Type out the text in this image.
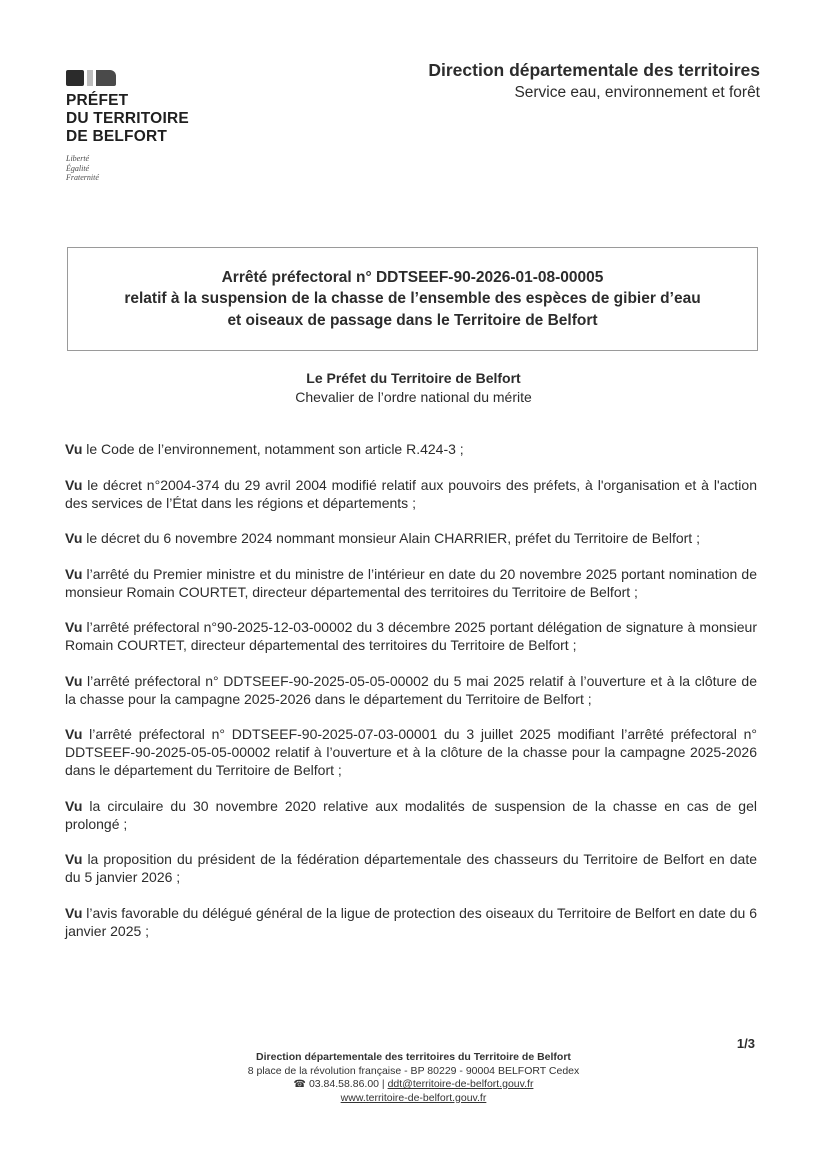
PRÉFET
DU TERRITOIRE
DE BELFORT
Liberté
Égalité
Fraternité
Direction départementale des territoires
Service eau, environnement et forêt
Arrêté préfectoral n° DDTSEEF-90-2026-01-08-00005
relatif à la suspension de la chasse de l’ensemble des espèces de gibier d’eau
et oiseaux de passage dans le Territoire de Belfort
Le Préfet du Territoire de Belfort
Chevalier de l’ordre national du mérite

Vu le Code de l’environnement, notamment son article R.424-3 ;

Vu le décret n°2004-374 du 29 avril 2004 modifié relatif aux pouvoirs des préfets, à l'organisation et à l'action des services de l’État dans les régions et départements ;

Vu le décret du 6 novembre 2024 nommant monsieur Alain CHARRIER, préfet du Territoire de Belfort ;

Vu l’arrêté du Premier ministre et du ministre de l’intérieur en date du 20 novembre 2025 portant nomination de monsieur Romain COURTET, directeur départemental des territoires du Territoire de Belfort ;

Vu l’arrêté préfectoral n°90-2025-12-03-00002 du 3 décembre 2025 portant délégation de signature à monsieur Romain COURTET, directeur départemental des territoires du Territoire de Belfort ;

Vu l’arrêté préfectoral n° DDTSEEF-90-2025-05-05-00002 du 5 mai 2025 relatif à l’ouverture et à la clôture de la chasse pour la campagne 2025-2026 dans le département du Territoire de Belfort ;

Vu l’arrêté préfectoral n° DDTSEEF-90-2025-07-03-00001 du 3 juillet 2025 modifiant l’arrêté préfectoral n° DDTSEEF-90-2025-05-05-00002 relatif à l’ouverture et à la clôture de la chasse pour la campagne 2025-2026 dans le département du Territoire de Belfort ;

Vu la circulaire du 30 novembre 2020 relative aux modalités de suspension de la chasse en cas de gel prolongé ;

Vu la proposition du président de la fédération départementale des chasseurs du Territoire de Belfort en date du 5 janvier 2026 ;

Vu l’avis favorable du délégué général de la ligue de protection des oiseaux du Territoire de Belfort en date du 6 janvier 2025 ;

1/3
Direction départementale des territoires du Territoire de Belfort
8 place de la révolution française - BP 80229 - 90004 BELFORT Cedex
☎ 03.84.58.86.00 | ddt@territoire-de-belfort.gouv.fr
www.territoire-de-belfort.gouv.fr
